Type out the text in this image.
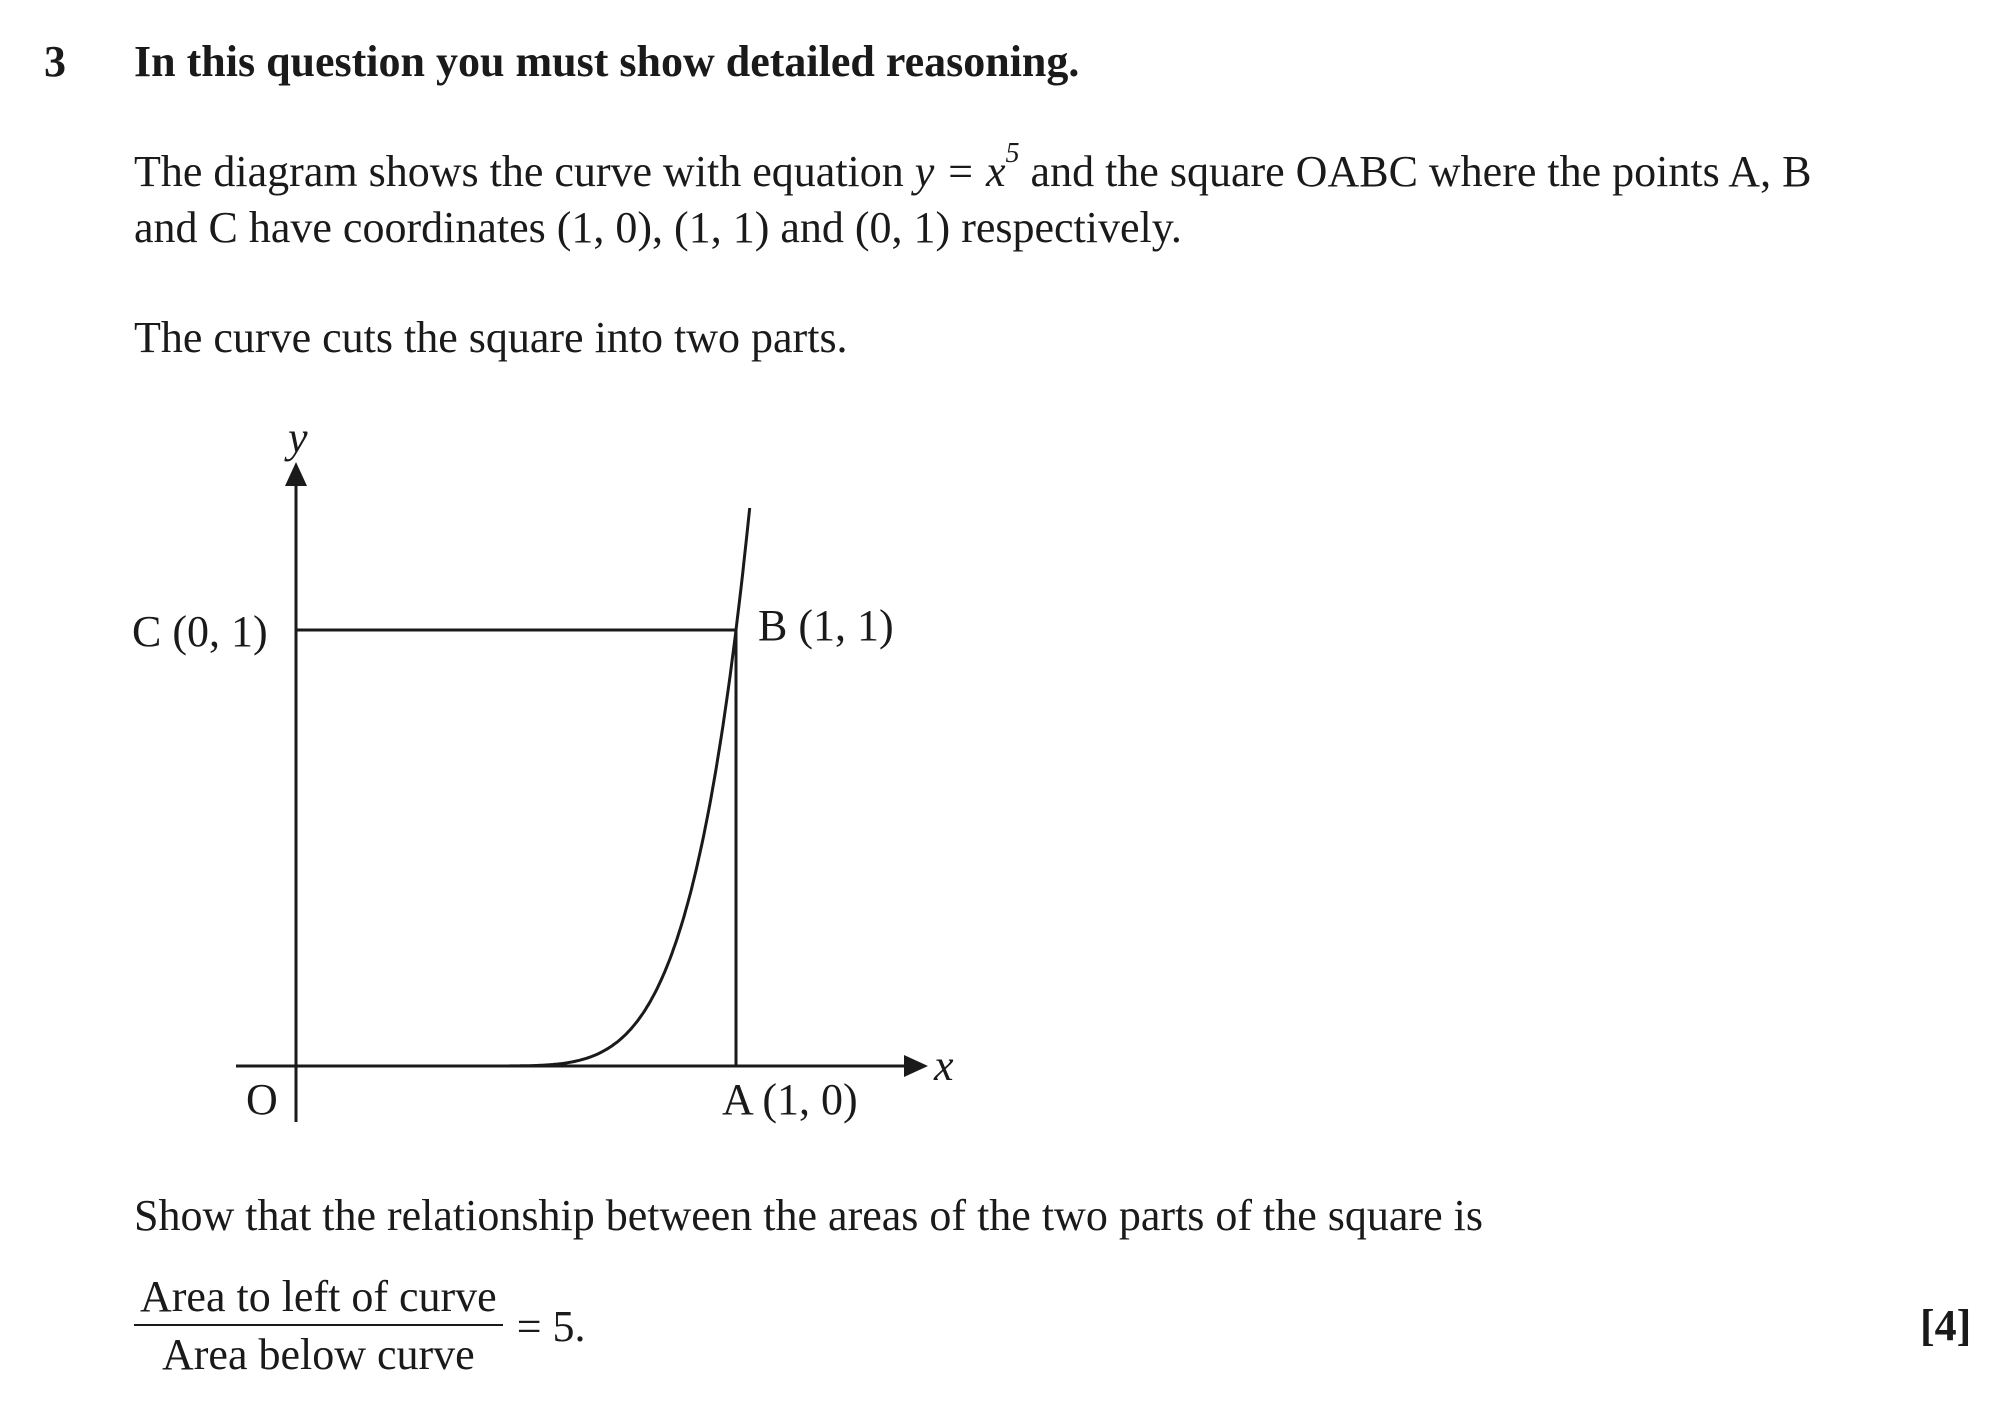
3 In this question you must show detailed reasoning.
The diagram shows the curve with equation $y = x^5$ and the square OABC where the points A, B
and C have coordinates (1, 0), (1, 1) and (0, 1) respectively.
The curve cuts the square into two parts.
y
x
O	A (1, 0)
B (1, 1)
C (0, 1)
Show that the relationship between the areas of the two parts of the square is
$\frac{\text{Area to left of curve}}{\text{Area below curve}} = 5$.	[4]
